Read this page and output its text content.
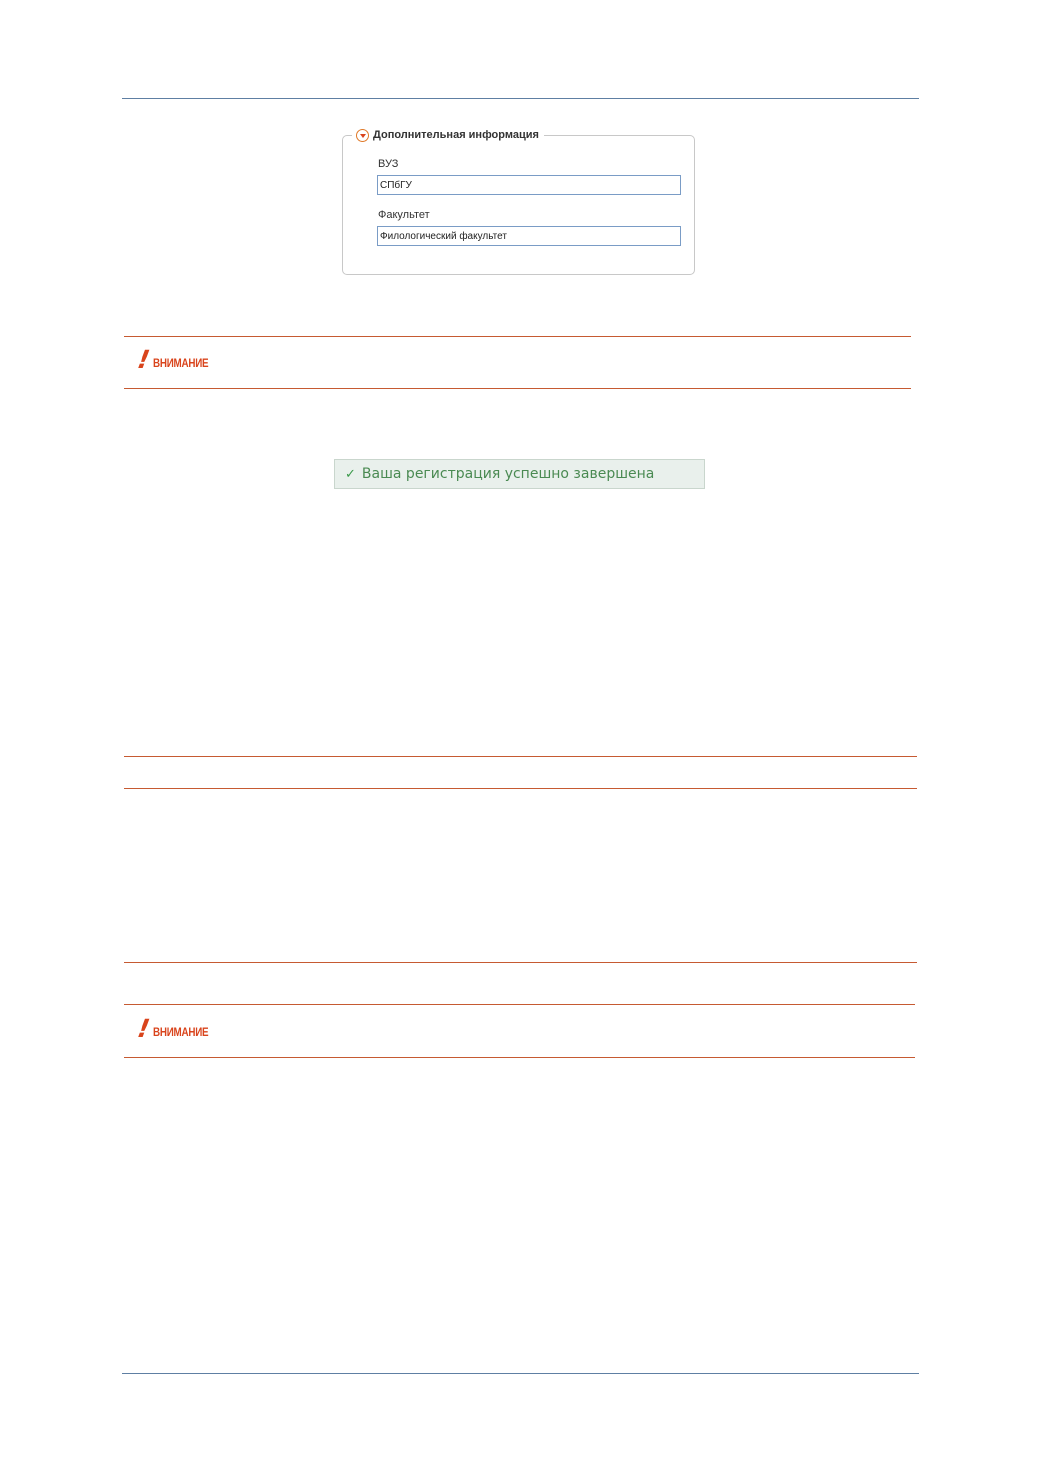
Дополнительная информация
ВУЗ
СПбГУ
Факультет
Филологический факультет
! ВНИМАНИЕ
✓ Ваша регистрация успешно завершена
! ВНИМАНИЕ
